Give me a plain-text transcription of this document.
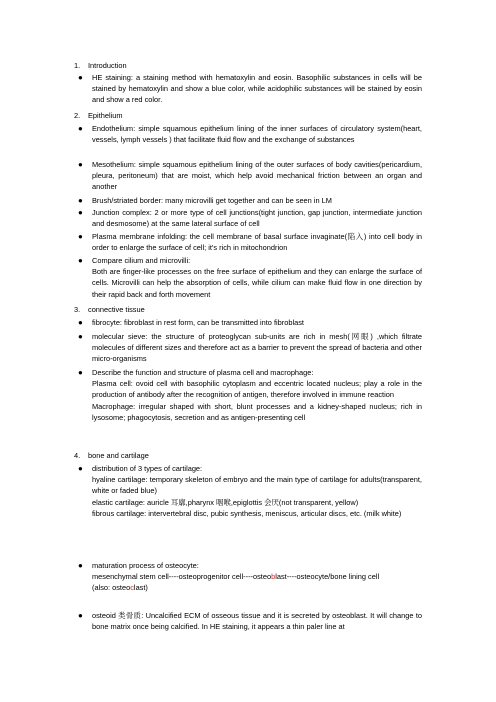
1. Introduction
● HE staining: a staining method with hematoxylin and eosin. Basophilic substances in cells will be stained by hematoxylin and show a blue color, while acidophilic substances will be stained by eosin and show a red color.
2. Epithelium
● Endothelium: simple squamous epithelium lining of the inner surfaces of circulatory system(heart, vessels, lymph vessels ) that facilitate fluid flow and the exchange of substances
● Mesothelium: simple squamous epithelium lining of the outer surfaces of body cavities(pericardium, pleura, peritoneum) that are moist, which help avoid mechanical friction between an organ and another
● Brush/striated border: many microvilli get together and can be seen in LM
● Junction complex: 2 or more type of cell junctions(tight junction, gap junction, intermediate junction and desmosome) at the same lateral surface of cell
● Plasma membrane infolding: the cell membrane of basal surface invaginate(陷入) into cell body in order to enlarge the surface of cell; it's rich in mitochondrion
● Compare cilium and microvilli:
Both are finger-like processes on the free surface of epithelium and they can enlarge the surface of cells. Microvilli can help the absorption of cells, while cilium can make fluid flow in one direction by their rapid back and forth movement
3. connective tissue
● fibrocyte: fibroblast in rest form, can be transmitted into fibroblast
● molecular sieve: the structure of proteoglycan sub-units are rich in mesh(网眼) ,which filtrate molecules of different sizes and therefore act as a barrier to prevent the spread of bacteria and other micro-organisms
● Describe the function and structure of plasma cell and macrophage:
Plasma cell: ovoid cell with basophilic cytoplasm and eccentric located nucleus; play a role in the production of antibody after the recognition of antigen, therefore involved in immune reaction
Macrophage: irregular shaped with short, blunt processes and a kidney-shaped nucleus; rich in lysosome; phagocytosis, secretion and as antigen-presenting cell
4. bone and cartilage
● distribution of 3 types of cartilage:
hyaline cartilage: temporary skeleton of embryo and the main type of cartilage for adults(transparent, white or faded blue)
elastic cartilage: auricle 耳廓,pharynx 咽喉,epiglottis 会厌(not transparent, yellow)
fibrous cartilage: intervertebral disc, pubic synthesis, meniscus, articular discs, etc. (milk white)
● maturation process of osteocyte:
mesenchymal stem cell----osteoprogenitor cell----osteoblast----osteocyte/bone lining cell
(also: osteoclast)
● osteoid 类骨质: Uncalcified ECM of osseous tissue and it is secreted by osteoblast. It will change to bone matrix once being calcified. In HE staining, it appears a thin paler line at
